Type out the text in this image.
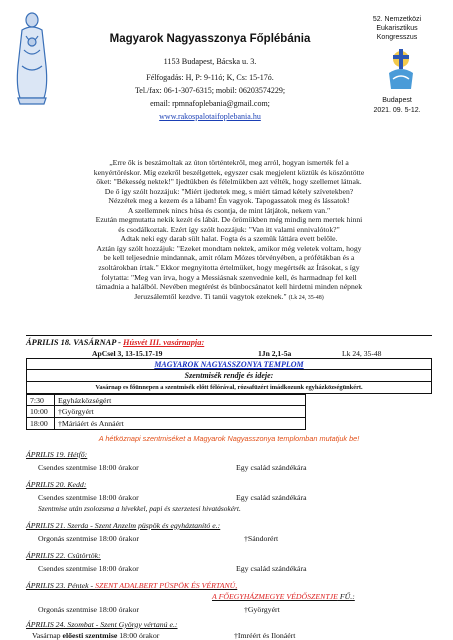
Magyarok Nagyasszonya Főplébánia
1153 Budapest, Bácska u. 3.
Félfogadás: H, P: 9-11ó; K, Cs: 15-17ó.
Tel./fax: 06-1-307-6315; mobil: 06203574229;
email: rpmnafoplebania@gmail.com;
www.rakospalotaifoplebania.hu
52. Nemzetközi
Eukarisztikus
Kongresszus
Budapest
2021. 09. 5-12.
„Erre ők is beszámoltak az úton történtekről, meg arról, hogyan ismerték fel a
kenyértöréskor. Míg ezekről beszélgettek, egyszer csak megjelent köztük és köszöntötte
őket: "Békesség nektek!" Ijedtükben és félelmükben azt vélték, hogy szellemet látnak.
De ő így szólt hozzájuk: "Miért ijedtetek meg, s miért támad kétely szívetekben?
Nézzétek meg a kezem és a lábam! Én vagyok. Tapogassatok meg és lássatok!
A szellemnek nincs húsa és csontja, de mint látjátok, nekem van."
Ezután megmutatta nekik kezét és lábát. De örömükben még mindig nem mertek hinni
és csodálkoztak. Ezért így szólt hozzájuk: "Van itt valami ennivalótok?"
Adtak neki egy darab sült halat. Fogta és a szemük láttára evett belőle.
Aztán így szólt hozzájuk: "Ezeket mondtam nektek, amikor még veletek voltam, hogy
be kell teljesednie mindannak, amit rólam Mózes törvényében, a prófétákban és a
zsoltárokban írtak." Ekkor megnyitotta értelmüket, hogy megértsék az Írásokat, s így
folytatta: "Meg van írva, hogy a Messiásnak szenvednie kell, és harmadnap fel kell
támadnia a halálból. Nevében megtérést és bűnbocsánatot kell hirdetni minden népnek
Jeruzsálemtől kezdve. Ti tanúi vagytok ezeknek." (Lk 24, 35-48)
ÁPRILIS 18. VASÁRNAP - Húsvét III. vasárnapja:
ApCsel 3, 13-15.17-19	1Jn 2,1-5a	Lk 24, 35-48
MAGYAROK NAGYASSZONYA TEMPLOM
Szentmisék rendje és ideje:
Vasárnap es főünnepen a szentmisék előtt félórával, rózsafüzért imádkozunk egyházközségünkért.
7:30 Egyházközségért
10:00 †Györgyért
18:00 †Máriáért és Annáért
A hétköznapi szentmiséket a Magyarok Nagyasszonya templomban mutatjuk be!
ÁPRILIS 19. Hétfő:
Csendes szentmise 18:00 órakor	Egy család szándékára
ÁPRILIS 20. Kedd:
Csendes szentmise 18:00 órakor	Egy család szándékára
Szentmise után zsolozsma a hívekkel, papi és szerzetesi hivatásokért.
ÁPRILIS 21. Szerda - Szent Anzelm püspök és egyháztanító e.:
Orgonás szentmise 18:00 órakor	†Sándorért
ÁPRILIS 22. Csütörtök:
Csendes szentmise 18:00 órakor	Egy család szándékára
ÁPRILIS 23. Péntek - SZENT ADALBERT PÜSPÖK ÉS VÉRTANÚ,
A FŐEGYHÁZMEGYE VÉDŐSZENTJE FŰ.:
Orgonás szentmise 18:00 órakor	†Györgyért
ÁPRILIS 24. Szombat - Szent György vértanú e.:
Vasárnap előesti szentmise 18:00 órakor	†Imréért és Ilonáért
